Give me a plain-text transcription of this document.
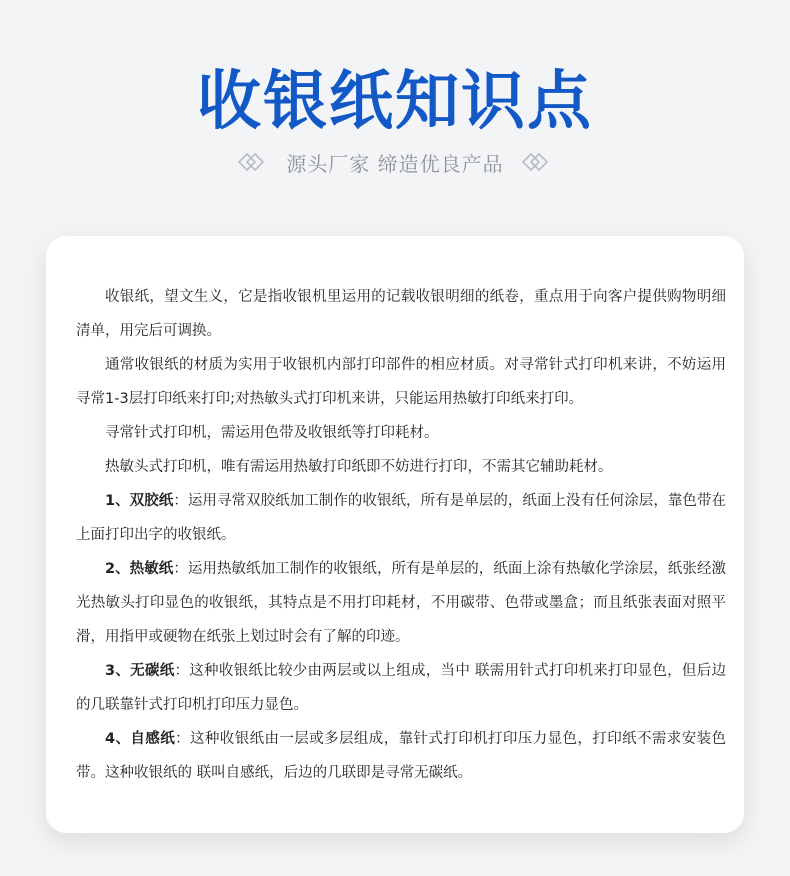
收银纸知识点
源头厂家 缔造优良产品

收银纸，望文生义，它是指收银机里运用的记载收银明细的纸卷，重点用于向客户提供购物明细清单，用完后可调换。

通常收银纸的材质为实用于收银机内部打印部件的相应材质。对寻常针式打印机来讲，不妨运用寻常1-3层打印纸来打印;对热敏头式打印机来讲，只能运用热敏打印纸来打印。

寻常针式打印机，需运用色带及收银纸等打印耗材。

热敏头式打印机，唯有需运用热敏打印纸即不妨进行打印，不需其它辅助耗材。

1、双胶纸：运用寻常双胶纸加工制作的收银纸，所有是单层的，纸面上没有任何涂层，靠色带在上面打印出字的收银纸。

2、热敏纸：运用热敏纸加工制作的收银纸，所有是单层的，纸面上涂有热敏化学涂层，纸张经激光热敏头打印显色的收银纸，其特点是不用打印耗材，不用碳带、色带或墨盒；而且纸张表面对照平滑，用指甲或硬物在纸张上划过时会有了解的印迹。

3、无碳纸：这种收银纸比较少由两层或以上组成，当中 联需用针式打印机来打印显色，但后边的几联靠针式打印机打印压力显色。

4、自感纸：这种收银纸由一层或多层组成，靠针式打印机打印压力显色，打印纸不需求安装色带。这种收银纸的 联叫自感纸，后边的几联即是寻常无碳纸。
